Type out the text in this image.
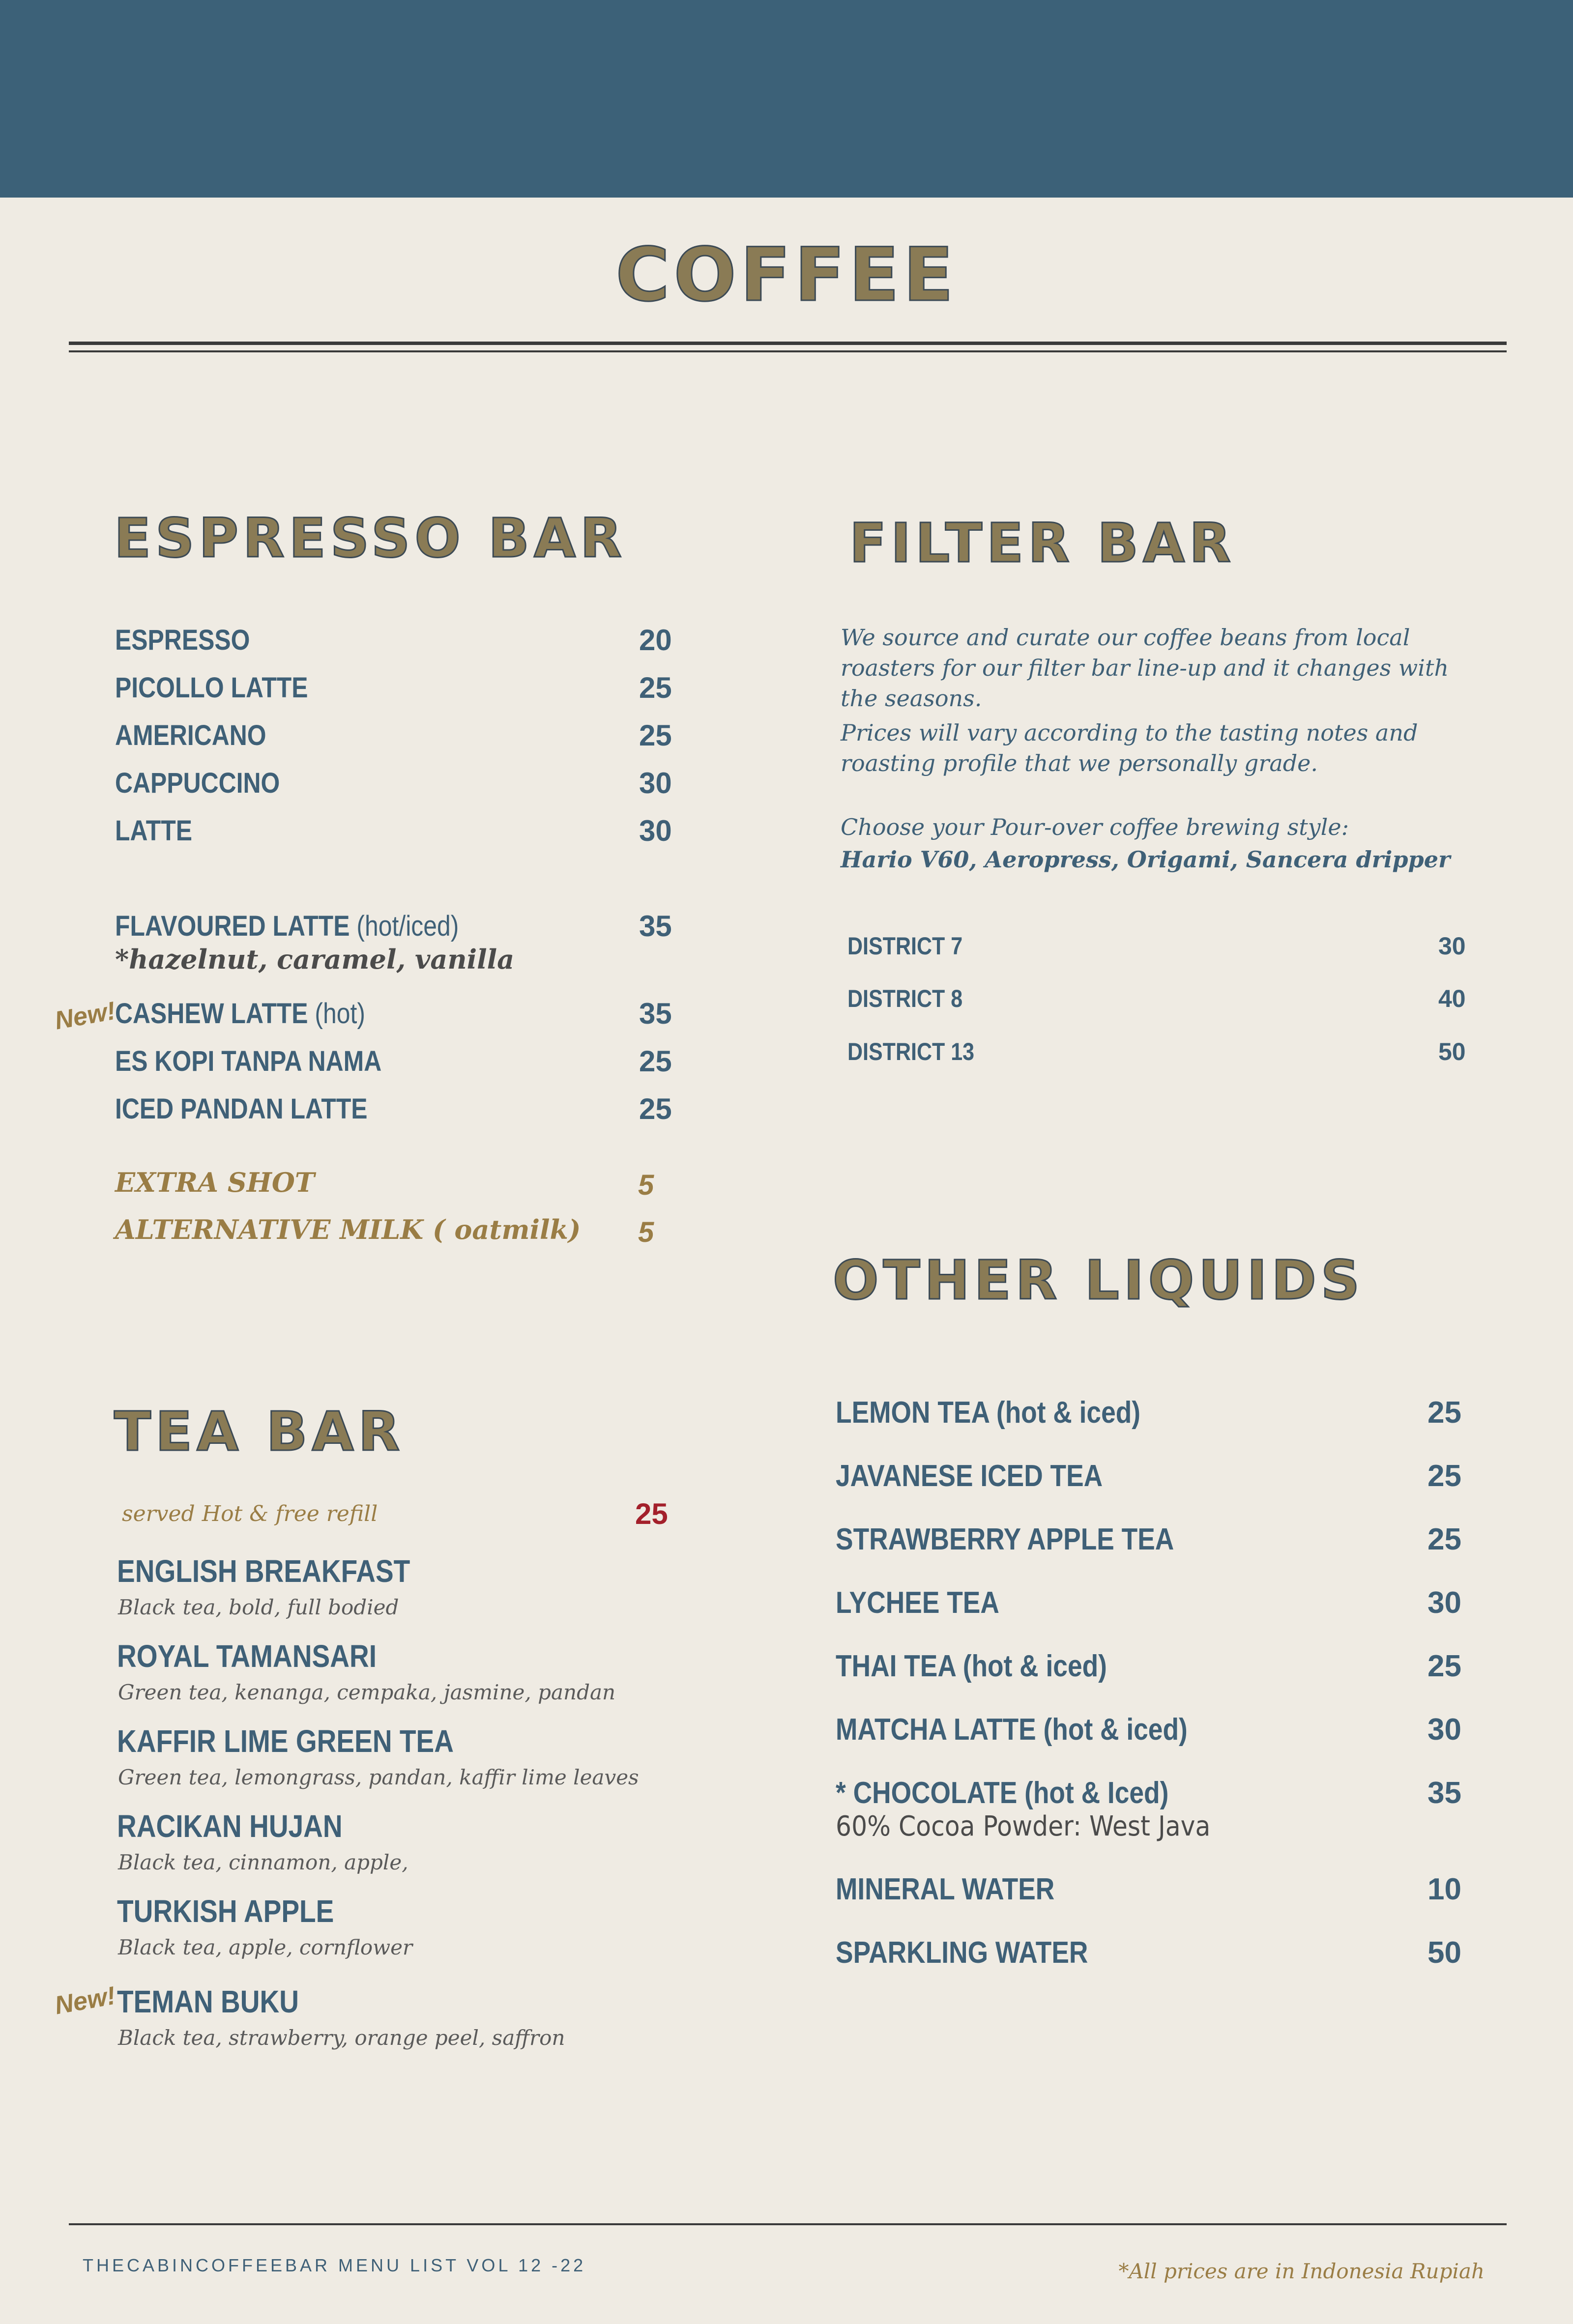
COFFEE
ESPRESSO BAR
ESPRESSO	20
PICOLLO LATTE	25
AMERICANO	25
CAPPUCCINO	30
LATTE	30
FLAVOURED LATTE (hot/iced)	35
*hazelnut, caramel, vanilla
New!
CASHEW LATTE (hot)	35
ES KOPI TANPA NAMA	25
ICED PANDAN LATTE	25
EXTRA SHOT	5
ALTERNATIVE MILK ( oatmilk) 5
FILTER BAR

We source and curate our coffee beans from local roasters for our filter bar line-up and it changes with the seasons.

Prices will vary according to the tasting notes and roasting profile that we personally grade.

Choose your Pour-over coffee brewing style:

Hario V60, Aeropress, Origami, Sancera dripper

DISTRICT 7	30
DISTRICT 8	40
DISTRICT 13	50
TEA BAR
served Hot & free refill	25
ENGLISH BREAKFAST
Black tea, bold, full bodied
ROYAL TAMANSARI
Green tea, kenanga, cempaka, jasmine, pandan
KAFFIR LIME GREEN TEA
Green tea, lemongrass, pandan, kaffir lime leaves
RACIKAN HUJAN
Black tea, cinnamon, apple,
TURKISH APPLE
Black tea, apple, cornflower
New!
TEMAN BUKU
Black tea, strawberry, orange peel, saffron
OTHER LIQUIDS
LEMON TEA (hot & iced)	25
JAVANESE ICED TEA	25
STRAWBERRY APPLE TEA	25
LYCHEE TEA	30
THAI TEA (hot & iced)	25
MATCHA LATTE (hot & iced)	30
* CHOCOLATE (hot & Iced)	35
60% Cocoa Powder: West Java
MINERAL WATER	10
SPARKLING WATER	50
THECABINCOFFEEBAR MENU LIST VOL 12 -22	*All prices are in Indonesia Rupiah
